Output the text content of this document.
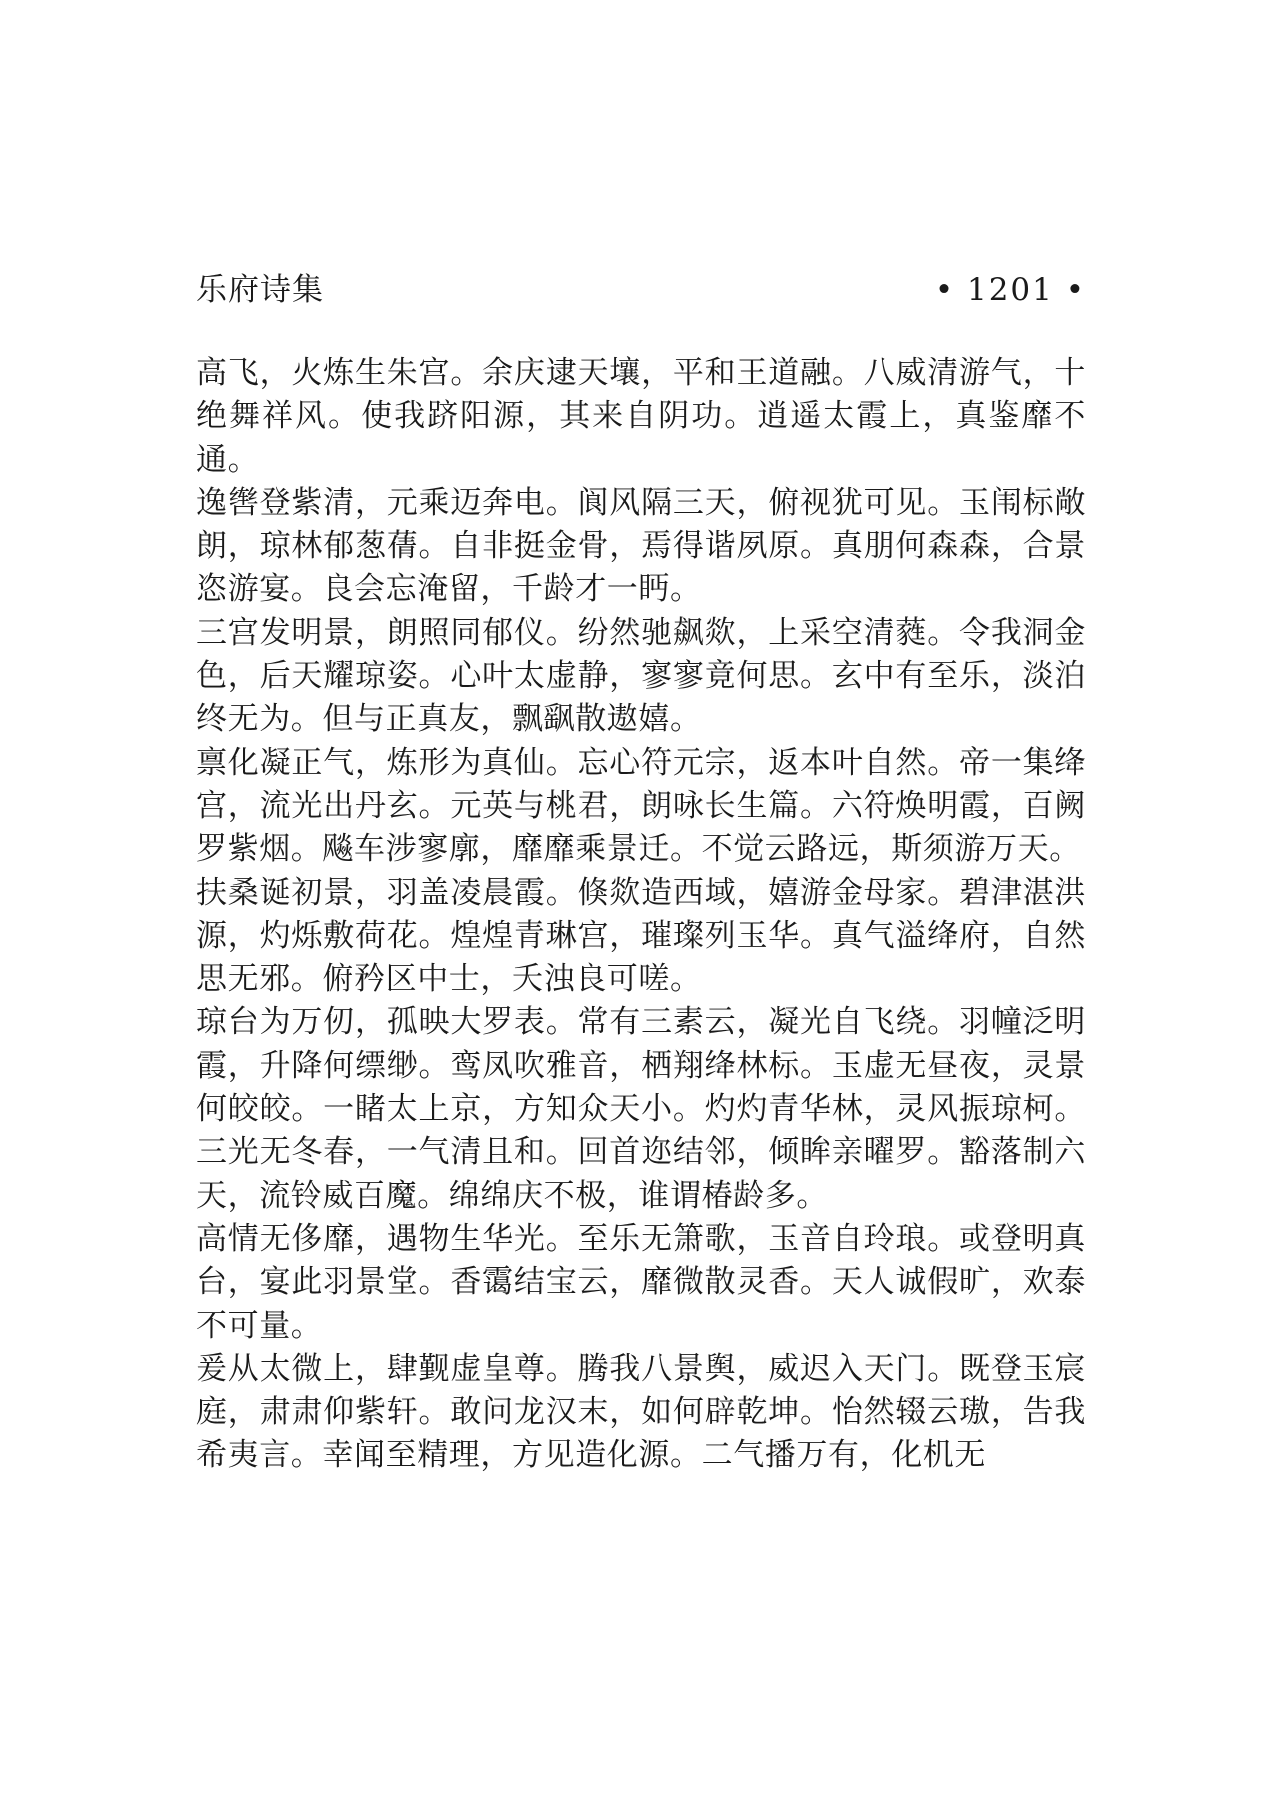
乐府诗集	• 1201 •

高飞，火炼生朱宫。余庆逮天壤，平和王道融。八威清游气，十绝舞祥风。使我跻阳源，其来自阴功。逍遥太霞上，真鉴靡不通。

逸辔登紫清，元乘迈奔电。阆风隔三天，俯视犹可见。玉闱标敞朗，琼林郁葱蒨。自非挺金骨，焉得谐夙原。真朋何森森，合景恣游宴。良会忘淹留，千龄才一眄。

三宫发明景，朗照同郁仪。纷然驰飙欻，上采空清蕤。令我洞金色，后天耀琼姿。心叶太虚静，寥寥竟何思。玄中有至乐，淡泊终无为。但与正真友，飘飖散遨嬉。

禀化凝正气，炼形为真仙。忘心符元宗，返本叶自然。帝一集绛宫，流光出丹玄。元英与桃君，朗咏长生篇。六符焕明霞，百阙罗紫烟。飚车涉寥廓，靡靡乘景迁。不觉云路远，斯须游万天。

扶桑诞初景，羽盖凌晨霞。倏欻造西域，嬉游金母家。碧津湛洪源，灼烁敷荷花。煌煌青琳宫，璀璨列玉华。真气溢绛府，自然思无邪。俯矜区中士，夭浊良可嗟。

琼台为万仞，孤映大罗表。常有三素云，凝光自飞绕。羽幢泛明霞，升降何缥缈。鸾凤吹雅音，栖翔绛林标。玉虚无昼夜，灵景何皎皎。一睹太上京，方知众天小。灼灼青华林，灵风振琼柯。三光无冬春，一气清且和。回首迩结邻，倾眸亲曜罗。豁落制六天，流铃威百魔。绵绵庆不极，谁谓椿龄多。

高情无侈靡，遇物生华光。至乐无箫歌，玉音自玲琅。或登明真台，宴此羽景堂。香霭结宝云，靡微散灵香。天人诚假旷，欢泰不可量。

爰从太微上，肆觐虚皇尊。腾我八景舆，威迟入天门。既登玉宸庭，肃肃仰紫轩。敢问龙汉末，如何辟乾坤。怡然辍云璈，告我希夷言。幸闻至精理，方见造化源。二气播万有，化机无
